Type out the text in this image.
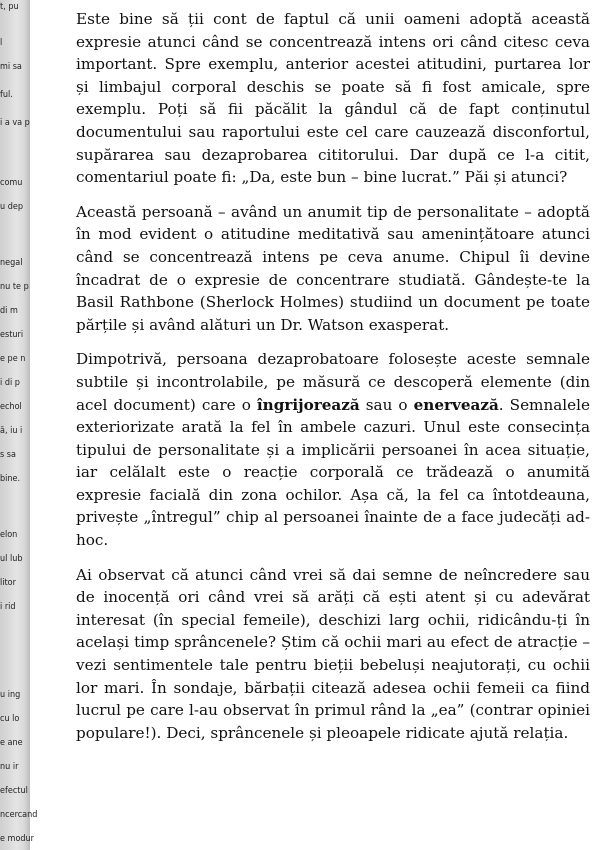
t, pu
l
mi sa
ful.
i a va p
comu
u dep
negal
nu te p
di m
esturi
e pe n
i di p
echol
ă, iu i
s sa
bine.
elon
ul lub
litor
i rid
u ing
cu lo
e ane
nu ir
efectul
ncercand
e modur

Este bine să ții cont de faptul că unii oameni adoptă această expresie atunci când se concentrează intens ori când citesc ceva important. Spre exemplu, anterior acestei atitudini, purtarea lor și limbajul corporal deschis se poate să fi fost amicale, spre exemplu. Poți să fii păcălit la gândul că de fapt conținutul documentului sau raportului este cel care cauzează disconfortul, supărarea sau dezaprobarea cititorului. Dar după ce l-a citit, comentariul poate fi: „Da, este bun – bine lucrat.” Păi și atunci?

Această persoană – având un anumit tip de personalitate – adoptă în mod evident o atitudine meditativă sau amenințătoare atunci când se concentrează intens pe ceva anume. Chipul îi devine încadrat de o expresie de concentrare studiată. Gândește-te la Basil Rathbone (Sherlock Holmes) studiind un document pe toate părțile și având alături un Dr. Watson exasperat.

Dimpotrivă, persoana dezaprobatoare folosește aceste semnale subtile și incontrolabile, pe măsură ce descoperă elemente (din acel document) care o îngrijorează sau o enervează. Semnalele exteriorizate arată la fel în ambele cazuri. Unul este consecința tipului de personalitate și a implicării persoanei în acea situație, iar celălalt este o reacție corporală ce trădează o anumită expresie facială din zona ochilor. Așa că, la fel ca întotdeauna, privește „întregul” chip al persoanei înainte de a face judecăți ad-hoc.

Ai observat că atunci când vrei să dai semne de neîncredere sau de inocență ori când vrei să arăți că ești atent și cu adevărat interesat (în special femeile), deschizi larg ochii, ridicându-ți în același timp sprâncenele? Știm că ochii mari au efect de atracție – vezi sentimentele tale pentru bieții bebeluși neajutorați, cu ochii lor mari. În sondaje, bărbații citează adesea ochii femeii ca fiind lucrul pe care l-au observat în primul rând la „ea” (contrar opiniei populare!). Deci, sprâncenele și pleoapele ridicate ajută relația.
